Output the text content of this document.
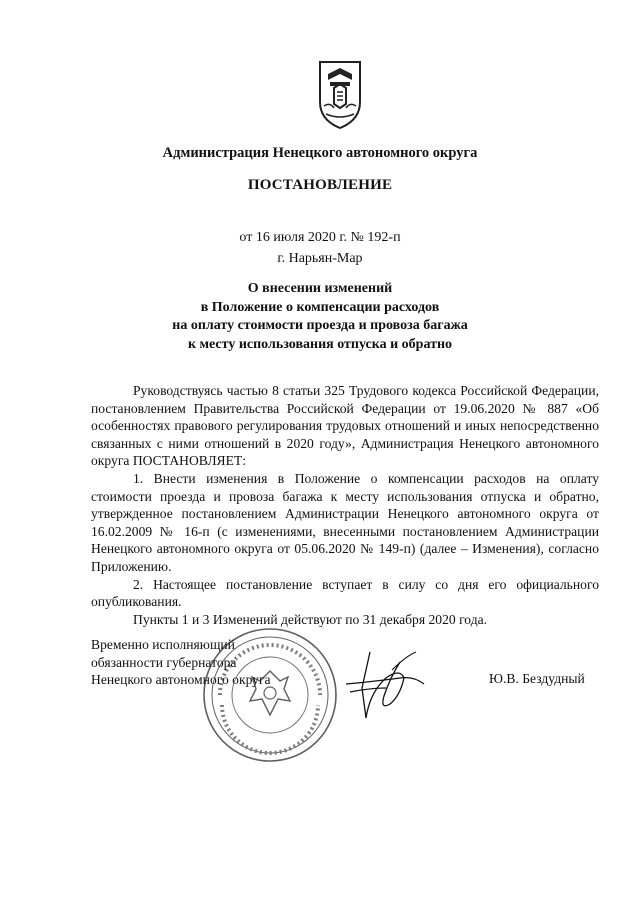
Администрация Ненецкого автономного округа
ПОСТАНОВЛЕНИЕ
от 16 июля 2020 г. № 192-п
г. Нарьян-Мар
О внесении изменений
в Положение о компенсации расходов
на оплату стоимости проезда и провоза багажа
к месту использования отпуска и обратно

Руководствуясь частью 8 статьи 325 Трудового кодекса Российской Федерации, постановлением Правительства Российской Федерации от 19.06.2020 № 887 «Об особенностях правового регулирования трудовых отношений и иных непосредственно связанных с ними отношений в 2020 году», Администрация Ненецкого автономного округа ПОСТАНОВЛЯЕТ:

1. Внести изменения в Положение о компенсации расходов на оплату стоимости проезда и провоза багажа к месту использования отпуска и обратно, утвержденное постановлением Администрации Ненецкого автономного округа от 16.02.2009 № 16-п (с изменениями, внесенными постановлением Администрации Ненецкого автономного округа от 05.06.2020 № 149-п) (далее – Изменения), согласно Приложению.

2. Настоящее постановление вступает в силу со дня его официального опубликования.

Пункты 1 и 3 Изменений действуют по 31 декабря 2020 года.

Временно исполняющий
обязанности губернатора
Ненецкого автономного округа	Ю.В. Бездудный
